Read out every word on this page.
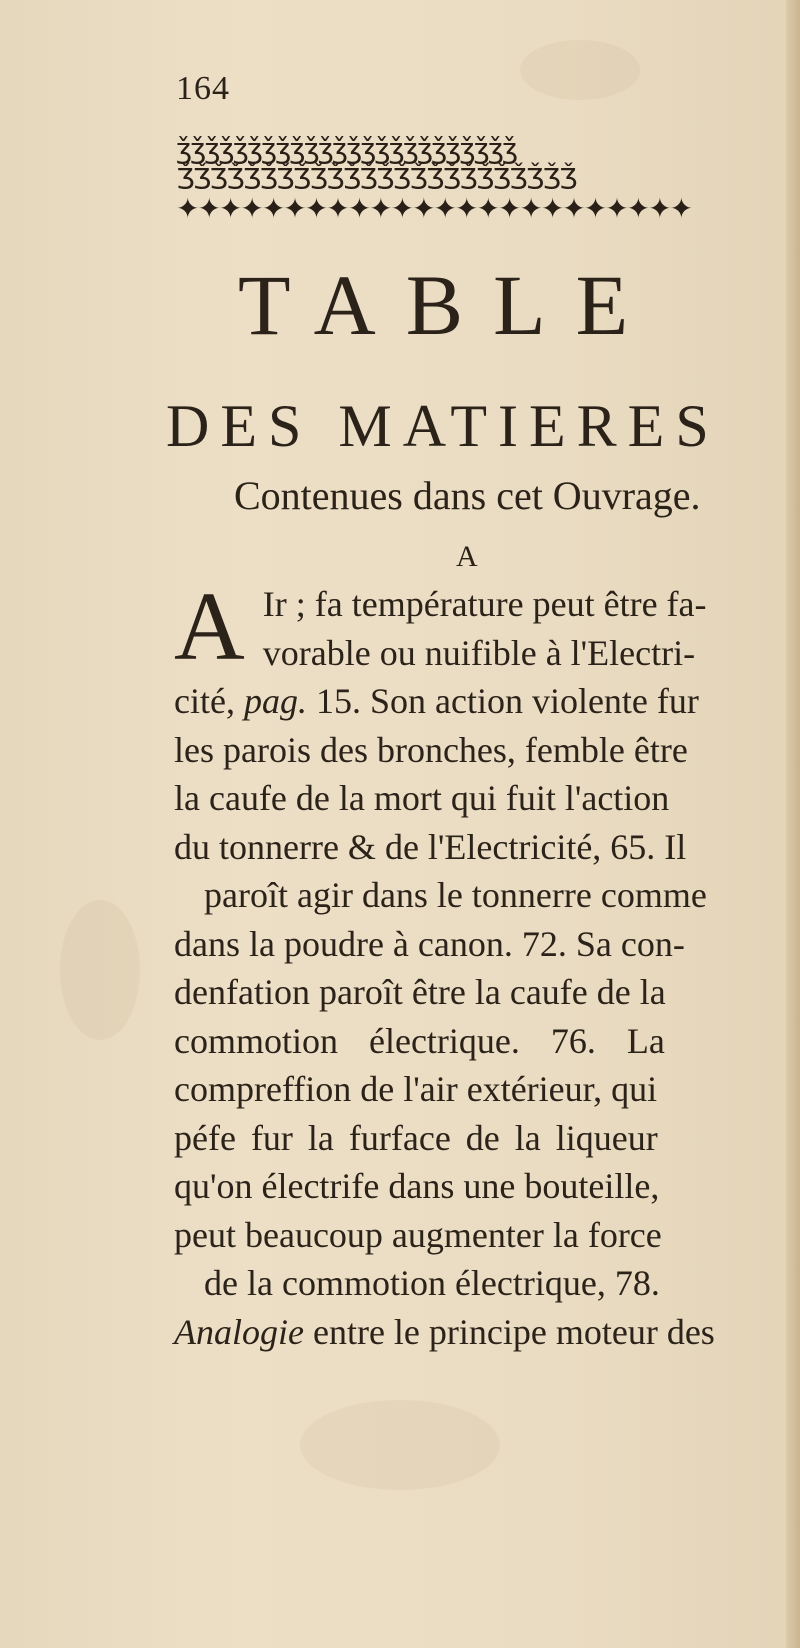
164
ǯǯǯǯǯǯǯǯǯǯǯǯǯǯǯǯǯǯǯǯǯǯǯǯ
ǮǮǮǮǮǮǮǮǮǮǮǮǮǮǮǮǮǮǮǮǮǮǮǮ
✦✦✦✦✦✦✦✦✦✦✦✦✦✦✦✦✦✦✦✦✦✦✦✦
TABLE
DES MATIERES
Contenues dans cet Ouvrage.
A
A Ir ; fa température peut être fa-
vorable ou nuifible à l'Electri-
cité, pag. 15. Son action violente fur
les parois des bronches, femble être
la caufe de la mort qui fuit l'action
du tonnerre & de l'Electricité, 65. Il
paroît agir dans le tonnerre comme
dans la poudre à canon. 72. Sa con-
denfation paroît être la caufe de la
commotion électrique. 76. La
compreffion de l'air extérieur, qui
péfe fur la furface de la liqueur
qu'on électrife dans une bouteille,
peut beaucoup augmenter la force
de la commotion électrique, 78.
Analogie entre le principe moteur des
